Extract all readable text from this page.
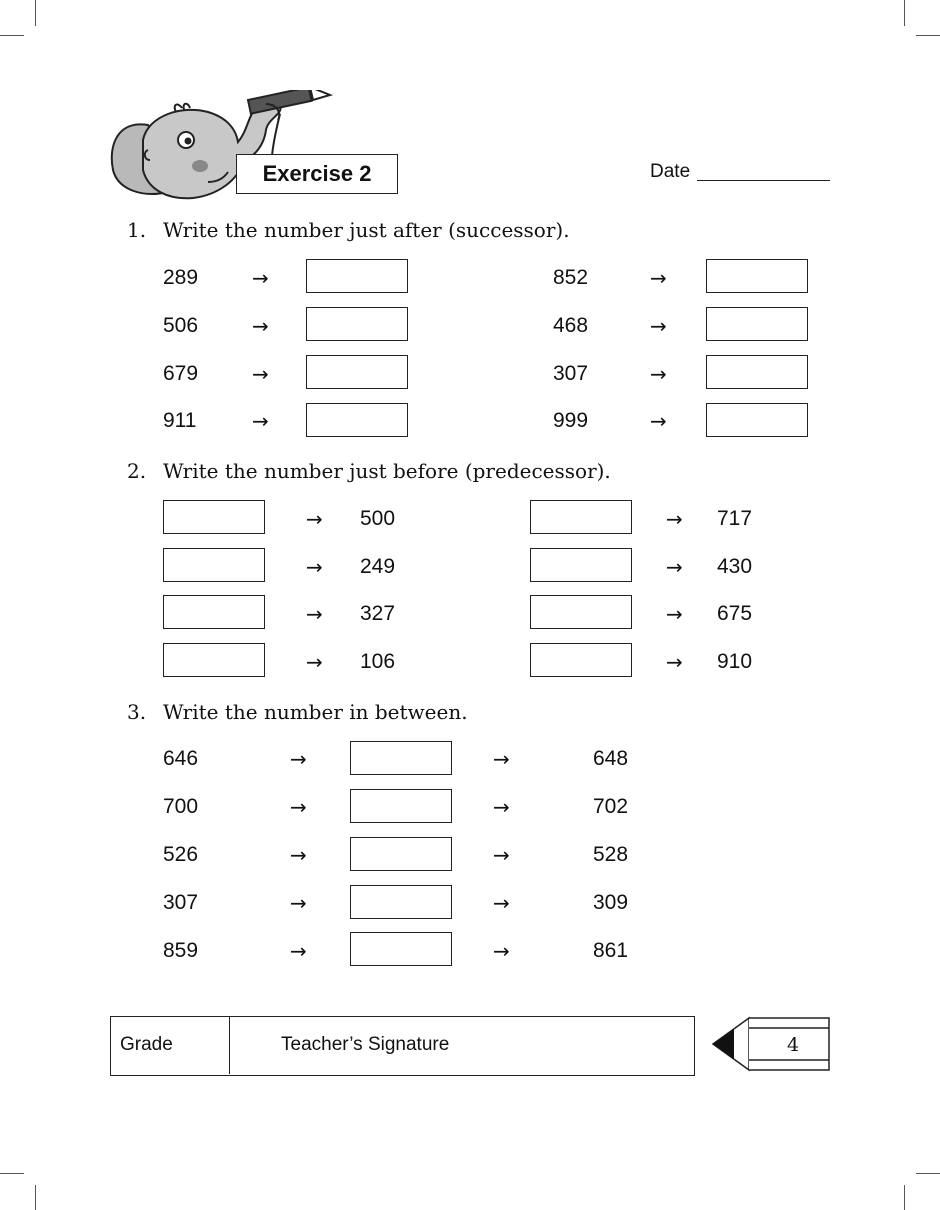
Exercise 2	Date
1. Write the number just after (successor).
289	→	852	→
506	→	468	→
679	→	307	→
911	→	999	→
2. Write the number just before (predecessor).
→ 500	→ 717
→ 249	→ 430
→ 327	→ 675
→ 106	→ 910
3. Write the number in between.
646	→	→	648
700	→	→	702
526	→	→	528
307	→	→	309
859	→	→	861
Grade	Teacher’s Signature	4
